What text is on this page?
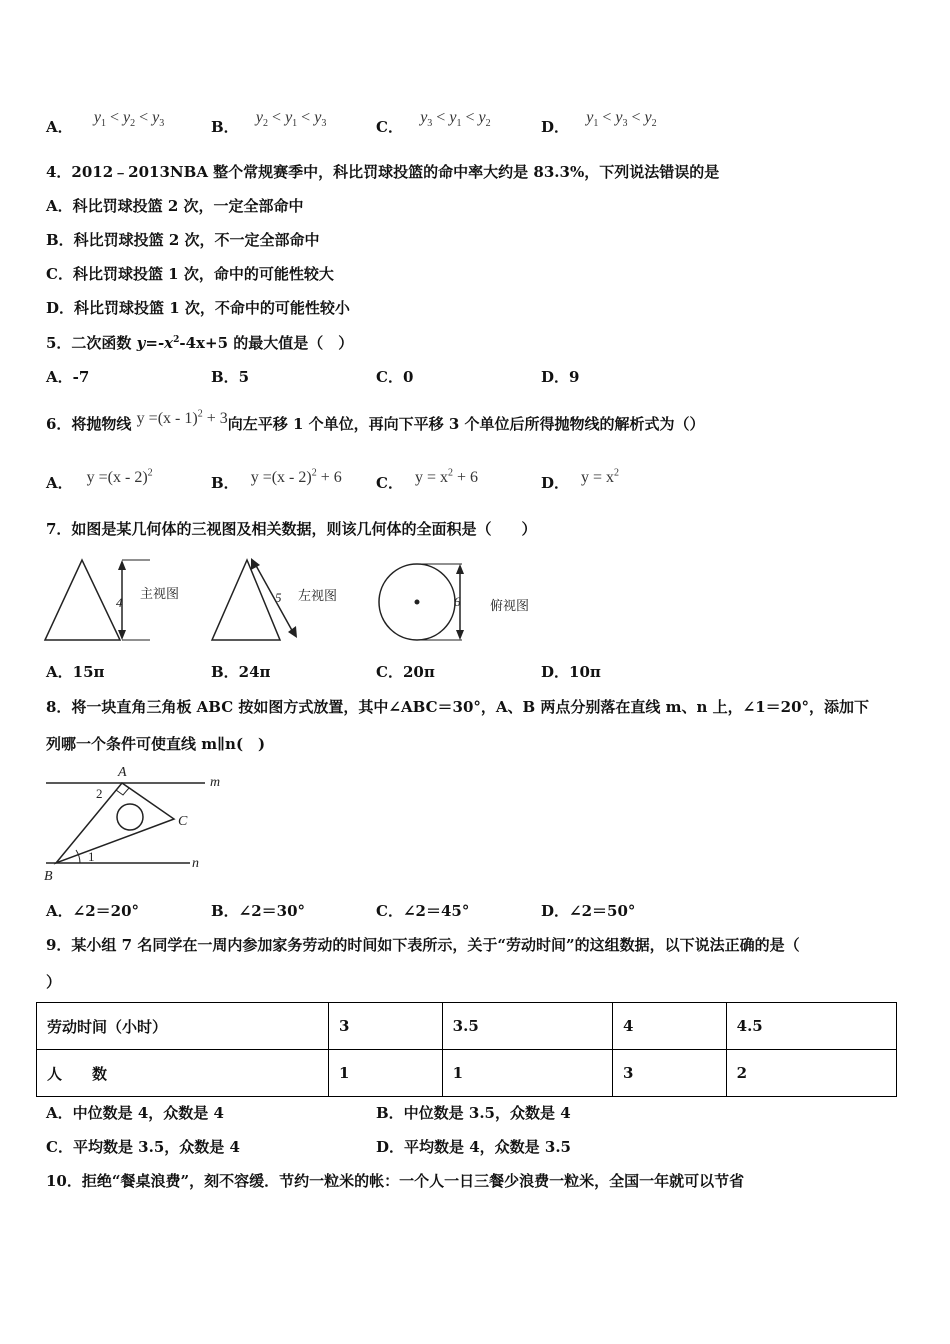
A． $y_1 < y_2 < y_3$	B． $y_2 < y_1 < y_3$	C． $y_3 < y_1 < y_2$	D． $y_1 < y_3 < y_2$
4．2012﹣2013NBA 整个常规赛季中，科比罚球投篮的命中率大约是 83.3%，下列说法错误的是
A．科比罚球投篮 2 次，一定全部命中
B．科比罚球投篮 2 次，不一定全部命中
C．科比罚球投篮 1 次，命中的可能性较大
D．科比罚球投篮 1 次，不命中的可能性较小
5．二次函数 $y=-x^2-4x+5$ 的最大值是（　）
A．-7	B．5	C．0	D．9
6．将抛物线 y =(x - 1)$^2$ + 3向左平移 1 个单位，再向下平移 3 个单位后所得抛物线的解析式为（）
A． y =(x - 2)$^2$
B． y =(x - 2)$^2$ + 6 C． $y = x^2 + 6$	D． $y = x^2$
7．如图是某几何体的三视图及相关数据，则该几何体的全面积是（　　）
4
主视图	5 左视图	6 俯视图
A．15π	B．24π	C．20π	D．10π
8．将一块直角三角板 ABC 按如图方式放置，其中∠ABC＝30°，A、B 两点分别落在直线 m、n 上，∠1＝20°，添加下
列哪一个条件可使直线 m∥n(　)
A
B
C
m
n
1
2
A．∠2＝20°	B．∠2＝30°	C．∠2＝45°	D．∠2＝50°
9．某小组 7 名同学在一周内参加家务劳动的时间如下表所示，关于“劳动时间”的这组数据，以下说法正确的是（
）
劳动时间（小时）	3	3.5	4	4.5
人　　数	1	1	3	2
A．中位数是 4，众数是 4	B．中位数是 3.5，众数是 4
C．平均数是 3.5，众数是 4	D．平均数是 4，众数是 3.5
10．拒绝“餐桌浪费”，刻不容缓．节约一粒米的帐：一个人一日三餐少浪费一粒米，全国一年就可以节省
